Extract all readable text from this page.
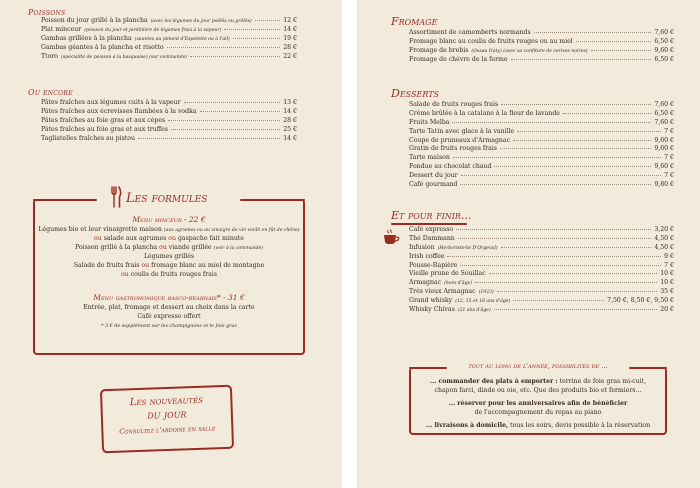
Poissons
Poisson du jour grillé à la plancha (avec les légumes du jour poêlés ou grillés)	12 €
Plat minceur (poisson du jour et jardinière de légumes frais à la vapeur)	14 €
Gambas grillées à la plancha (sautées au piment d'Espelette ou à l'ail)	19 €
Gambas géantes à la plancha et risotto	28 €
Ttoro (spécialité de poisson à la basquaise) (sur commande)	22 €
Ou encore
Pâtes fraîches aux légumes cuits à la vapeur	13 €
Pâtes fraîches aux écrevisses flambées à la vodka	14 €
Pâtes fraîches au foie gras et aux cèpes	28 €
Pâtes fraîches au foie gras et aux truffes	25 €
Tagliatelles fraîches au pistou	14 €
Les formules
Menu minceur - 22 €
Légumes bio et leur vinaigrette maison (aux agrumes ou au vinaigre de vin vieilli en fût de chêne)
ou salade aux agrumes ou gaspacho fait minute
Poisson grillé à la plancha ou viande grillée (voir à la commande)
Légumes grillés
Salade de fruits frais ou fromage blanc au miel de montagne
ou coulis de fruits rouges frais
Menu gastronomique basco-béarnais* - 31 €
Entrée, plat, fromage et dessert au choix dans la carte
Café expresso offert
* 3 € de supplément sur les champignons et le foie gras
Les nouveautés
du jour
Consultez l'ardoise en salle
Fromage
Assortiment de camemberts normands	7,60 €
Fromage blanc au coulis de fruits rouges ou au miel	6,50 €
Fromage de brebis (Ossau Iraty) (avec sa confiture de cerises noires)	9,60 €
Fromage de chèvre de la ferme	6,50 €
Desserts
Salade de fruits rouges frais	7,60 €
Crème brûlée à la catalane à la fleur de lavande	6,50 €
Fruits Melba	7,60 €
Tarte Tatin avec glace à la vanille	7 €
Coupe de pruneaux d'Armagnac	9,60 €
Gratin de fruits rouges frais	9,60 €
Tarte maison	7 €
Fondue au chocolat chaud	9,60 €
Dessert du jour	7 €
Café gourmand	9,80 €
Et pour finir...
Café expresso	3,20 €
Thé Dammann	4,50 €
Infusion (Herboristerie D'Orgeval)	4,50 €
Irish coffee	9 €
Pousse-Rapière	7 €
Vieille prune de Souillac	10 €
Armagnac (hors d'âge)	10 €
Très vieux Armagnac (1923)	35 €
Grand whisky (12, 15 et 18 ans d'âge)	7,50 €, 8,50 €, 9,50 €
Whisky Chivas (21 ans d'âge)	20 €
tout au long de l'année, possibilités de ...
... commander des plats à emporter : terrine de foie gras mi-cuit,
chapon farci, dinde ou oie, etc. Que des produits bio et fermiers...
... réserver pour les anniversaires afin de bénéficier
de l'accompagnement du repas au piano
... livraisons à domicile, tous les soirs, devis possible à la réservation
